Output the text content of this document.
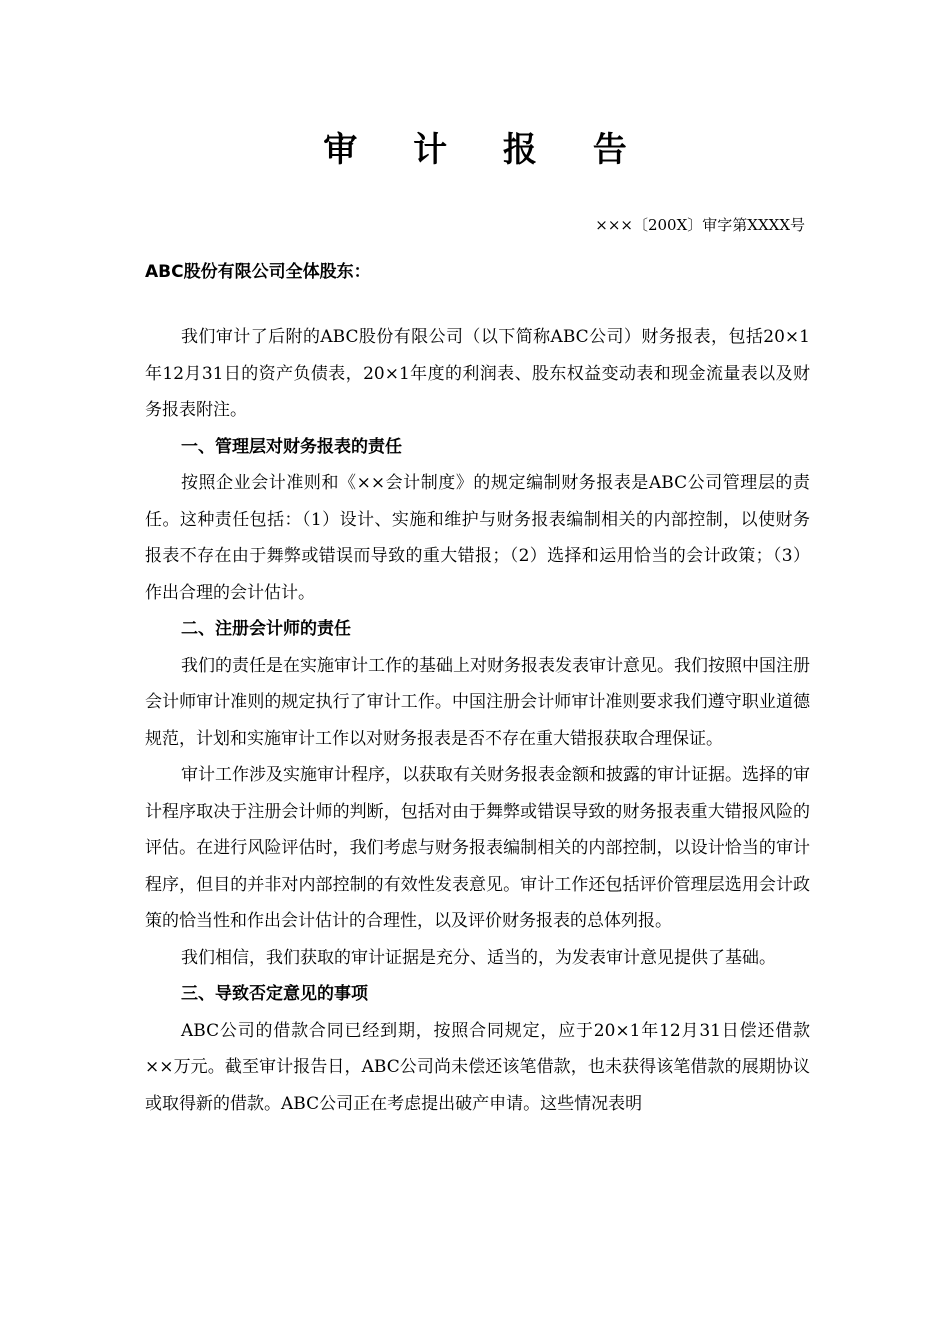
审 计 报 告
×××〔200X〕审字第XXXX号

ABC股份有限公司全体股东：

我们审计了后附的ABC股份有限公司（以下简称ABC公司）财务报表，包括20×1年12月31日的资产负债表，20×1年度的利润表、股东权益变动表和现金流量表以及财务报表附注。

一、管理层对财务报表的责任

按照企业会计准则和《××会计制度》的规定编制财务报表是ABC公司管理层的责任。这种责任包括：（1）设计、实施和维护与财务报表编制相关的内部控制，以使财务报表不存在由于舞弊或错误而导致的重大错报；（2）选择和运用恰当的会计政策；（3）作出合理的会计估计。

二、注册会计师的责任

我们的责任是在实施审计工作的基础上对财务报表发表审计意见。我们按照中国注册会计师审计准则的规定执行了审计工作。中国注册会计师审计准则要求我们遵守职业道德规范，计划和实施审计工作以对财务报表是否不存在重大错报获取合理保证。

审计工作涉及实施审计程序，以获取有关财务报表金额和披露的审计证据。选择的审计程序取决于注册会计师的判断，包括对由于舞弊或错误导致的财务报表重大错报风险的评估。在进行风险评估时，我们考虑与财务报表编制相关的内部控制，以设计恰当的审计程序，但目的并非对内部控制的有效性发表意见。审计工作还包括评价管理层选用会计政策的恰当性和作出会计估计的合理性，以及评价财务报表的总体列报。

我们相信，我们获取的审计证据是充分、适当的，为发表审计意见提供了基础。

三、导致否定意见的事项

ABC公司的借款合同已经到期，按照合同规定，应于20×1年12月31日偿还借款××万元。截至审计报告日，ABC公司尚未偿还该笔借款，也未获得该笔借款的展期协议或取得新的借款。ABC公司正在考虑提出破产申请。这些情况表明
